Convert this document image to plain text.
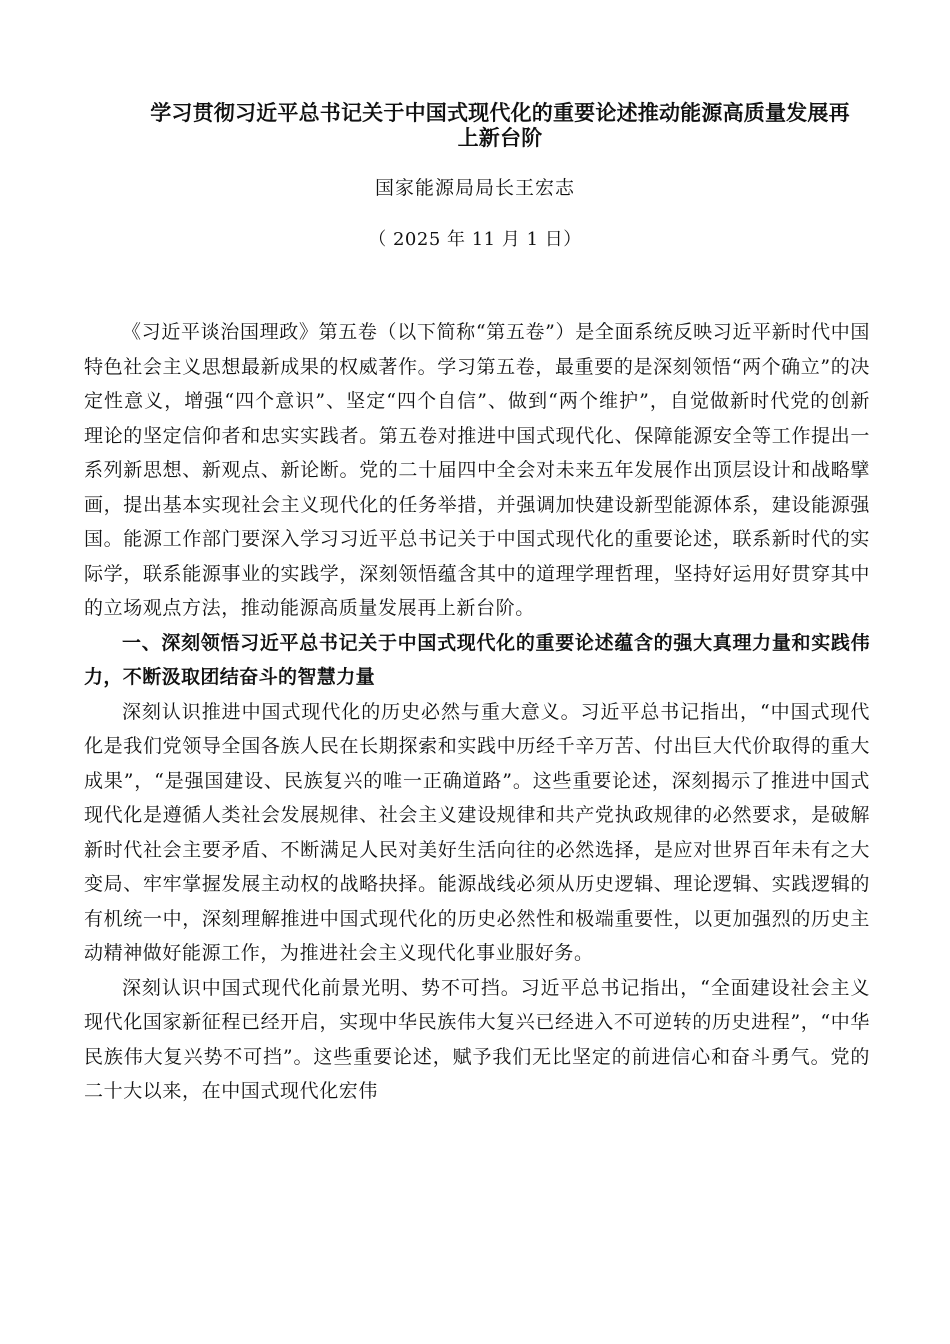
学习贯彻习近平总书记关于中国式现代化的重要论述推动能源高质量发展再上新台阶
国家能源局局长王宏志
（ 2025 年 11 月 1 日）

《习近平谈治国理政》第五卷（以下简称“第五卷”）是全面系统反映习近平新时代中国特色社会主义思想最新成果的权威著作。学习第五卷，最重要的是深刻领悟“两个确立”的决定性意义，增强“四个意识”、坚定“四个自信”、做到“两个维护”，自觉做新时代党的创新理论的坚定信仰者和忠实实践者。第五卷对推进中国式现代化、保障能源安全等工作提出一系列新思想、新观点、新论断。党的二十届四中全会对未来五年发展作出顶层设计和战略擘画，提出基本实现社会主义现代化的任务举措，并强调加快建设新型能源体系，建设能源强国。能源工作部门要深入学习习近平总书记关于中国式现代化的重要论述，联系新时代的实际学，联系能源事业的实践学，深刻领悟蕴含其中的道理学理哲理，坚持好运用好贯穿其中的立场观点方法，推动能源高质量发展再上新台阶。

一、深刻领悟习近平总书记关于中国式现代化的重要论述蕴含的强大真理力量和实践伟力，不断汲取团结奋斗的智慧力量

深刻认识推进中国式现代化的历史必然与重大意义。习近平总书记指出，“中国式现代化是我们党领导全国各族人民在长期探索和实践中历经千辛万苦、付出巨大代价取得的重大成果”，“是强国建设、民族复兴的唯一正确道路”。这些重要论述，深刻揭示了推进中国式现代化是遵循人类社会发展规律、社会主义建设规律和共产党执政规律的必然要求，是破解新时代社会主要矛盾、不断满足人民对美好生活向往的必然选择，是应对世界百年未有之大变局、牢牢掌握发展主动权的战略抉择。能源战线必须从历史逻辑、理论逻辑、实践逻辑的有机统一中，深刻理解推进中国式现代化的历史必然性和极端重要性，以更加强烈的历史主动精神做好能源工作，为推进社会主义现代化事业服好务。

深刻认识中国式现代化前景光明、势不可挡。习近平总书记指出，“全面建设社会主义现代化国家新征程已经开启，实现中华民族伟大复兴已经进入不可逆转的历史进程”，“中华民族伟大复兴势不可挡”。这些重要论述，赋予我们无比坚定的前进信心和奋斗勇气。党的二十大以来，在中国式现代化宏伟
